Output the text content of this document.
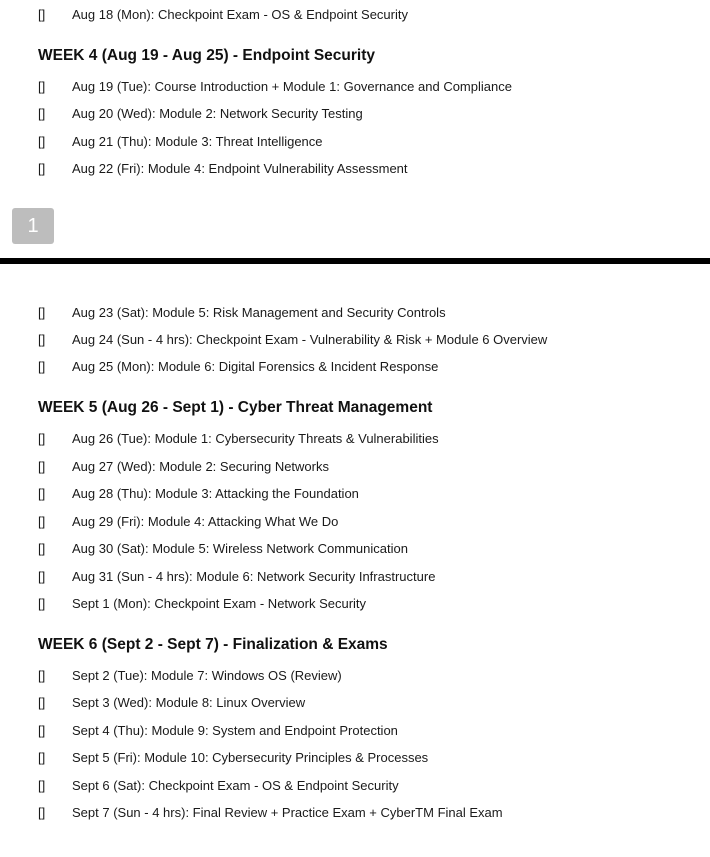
[] Aug 18 (Mon): Checkpoint Exam - OS & Endpoint Security
WEEK 4 (Aug 19 - Aug 25) - Endpoint Security
[] Aug 19 (Tue): Course Introduction + Module 1: Governance and Compliance
[] Aug 20 (Wed): Module 2: Network Security Testing
[] Aug 21 (Thu): Module 3: Threat Intelligence
[] Aug 22 (Fri): Module 4: Endpoint Vulnerability Assessment
1
[] Aug 23 (Sat): Module 5: Risk Management and Security Controls
[] Aug 24 (Sun - 4 hrs): Checkpoint Exam - Vulnerability & Risk + Module 6 Overview
[] Aug 25 (Mon): Module 6: Digital Forensics & Incident Response
WEEK 5 (Aug 26 - Sept 1) - Cyber Threat Management
[] Aug 26 (Tue): Module 1: Cybersecurity Threats & Vulnerabilities
[] Aug 27 (Wed): Module 2: Securing Networks
[] Aug 28 (Thu): Module 3: Attacking the Foundation
[] Aug 29 (Fri): Module 4: Attacking What We Do
[] Aug 30 (Sat): Module 5: Wireless Network Communication
[] Aug 31 (Sun - 4 hrs): Module 6: Network Security Infrastructure
[] Sept 1 (Mon): Checkpoint Exam - Network Security
WEEK 6 (Sept 2 - Sept 7) - Finalization & Exams
[] Sept 2 (Tue): Module 7: Windows OS (Review)
[] Sept 3 (Wed): Module 8: Linux Overview
[] Sept 4 (Thu): Module 9: System and Endpoint Protection
[] Sept 5 (Fri): Module 10: Cybersecurity Principles & Processes
[] Sept 6 (Sat): Checkpoint Exam - OS & Endpoint Security
[] Sept 7 (Sun - 4 hrs): Final Review + Practice Exam + CyberTM Final Exam
